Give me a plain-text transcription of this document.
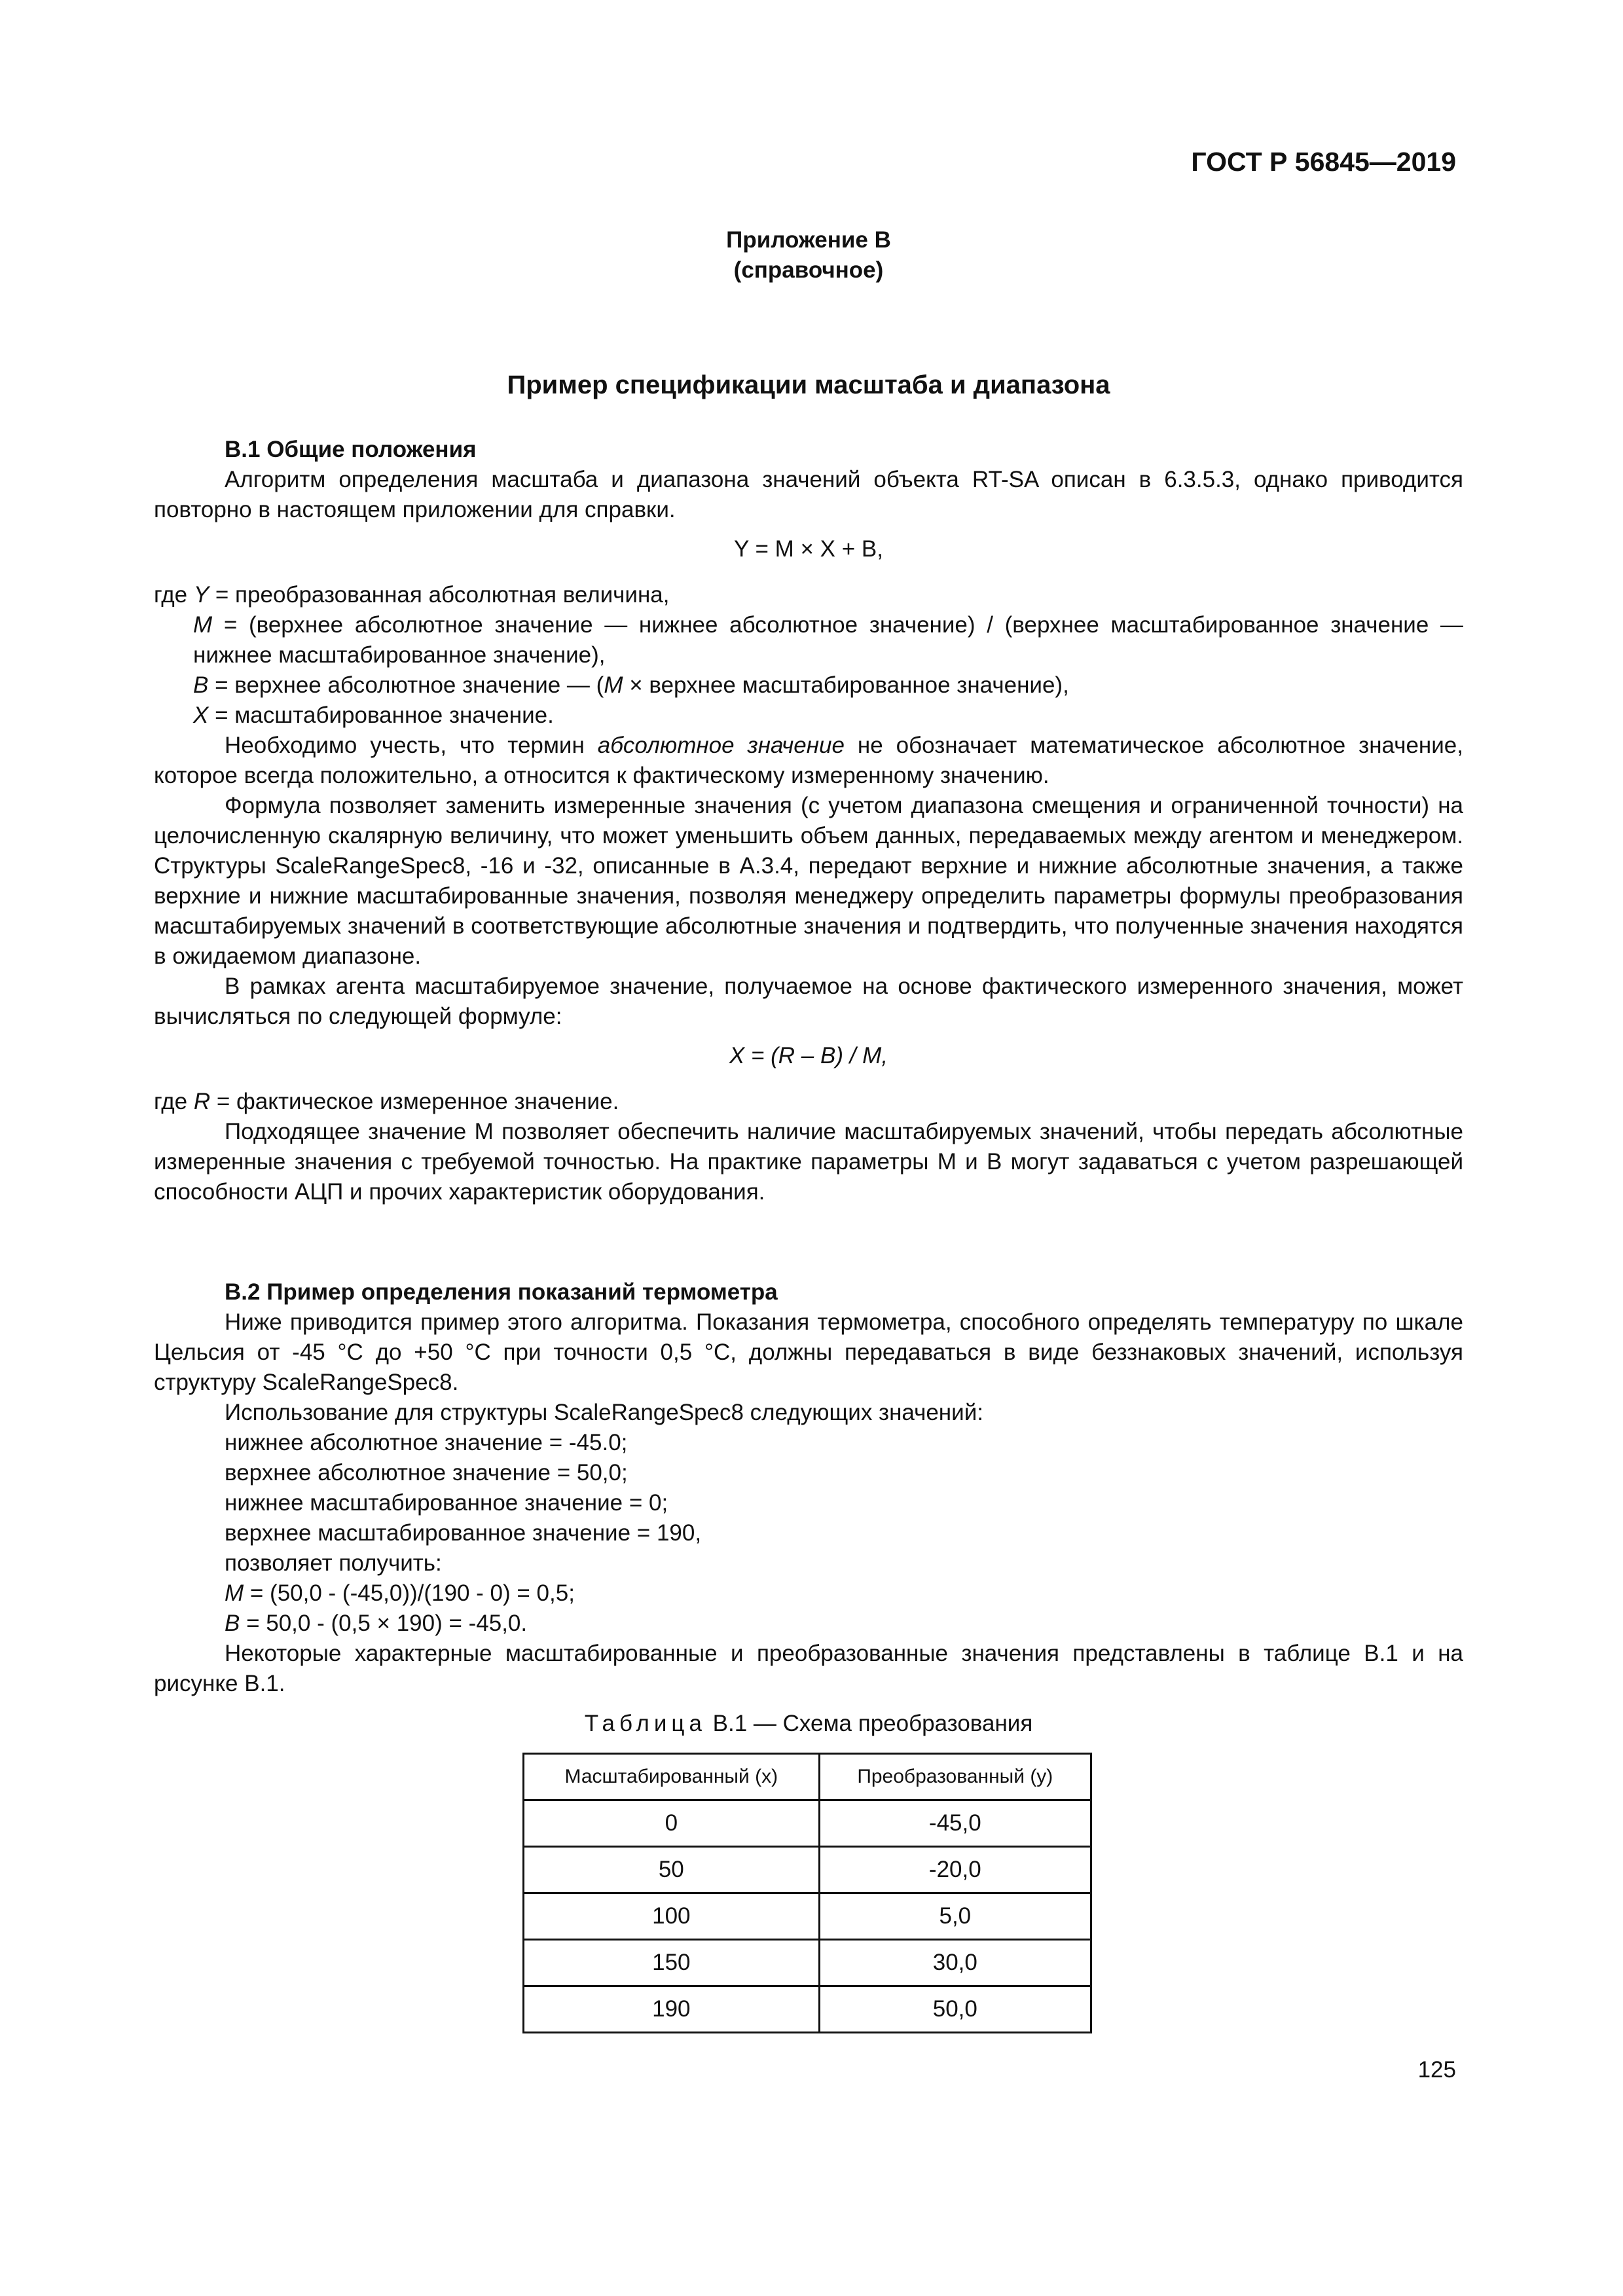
ГОСТ Р 56845—2019
Приложение В
(справочное)
Пример спецификации масштаба и диапазона

В.1 Общие положения

Алгоритм определения масштаба и диапазона значений объекта RT-SA описан в 6.3.5.3, однако приводится повторно в настоящем приложении для справки.

Y = M × X + B,

где Y = преобразованная абсолютная величина,

M = (верхнее абсолютное значение — нижнее абсолютное значение) / (верхнее масштабированное значение — нижнее масштабированное значение),

B = верхнее абсолютное значение — (M × верхнее масштабированное значение),

X = масштабированное значение.

Необходимо учесть, что термин абсолютное значение не обозначает математическое абсолютное значение, которое всегда положительно, а относится к фактическому измеренному значению.

Формула позволяет заменить измеренные значения (с учетом диапазона смещения и ограниченной точности) на целочисленную скалярную величину, что может уменьшить объем данных, передаваемых между агентом и менеджером. Структуры ScaleRangeSpec8, -16 и -32, описанные в А.3.4, передают верхние и нижние абсолютные значения, а также верхние и нижние масштабированные значения, позволяя менеджеру определить параметры формулы преобразования масштабируемых значений в соответствующие абсолютные значения и подтвердить, что полученные значения находятся в ожидаемом диапазоне.

В рамках агента масштабируемое значение, получаемое на основе фактического измеренного значения, может вычисляться по следующей формуле:

X = (R – B) / M,

где R = фактическое измеренное значение.

Подходящее значение М позволяет обеспечить наличие масштабируемых значений, чтобы передать абсолютные измеренные значения с требуемой точностью. На практике параметры М и В могут задаваться с учетом разрешающей способности АЦП и прочих характеристик оборудования.

В.2 Пример определения показаний термометра

Ниже приводится пример этого алгоритма. Показания термометра, способного определять температуру по шкале Цельсия от -45 °С до +50 °С при точности 0,5 °С, должны передаваться в виде беззнаковых значений, используя структуру ScaleRangeSpec8.

Использование для структуры ScaleRangeSpec8 следующих значений:

нижнее абсолютное значение = -45.0;

верхнее абсолютное значение = 50,0;

нижнее масштабированное значение = 0;

верхнее масштабированное значение = 190,

позволяет получить:

M = (50,0 - (-45,0))/(190 - 0) = 0,5;

B = 50,0 - (0,5 × 190) = -45,0.

Некоторые характерные масштабированные и преобразованные значения представлены в таблице В.1 и на рисунке В.1.

Таблица В.1 — Схема преобразования
Масштабированный (x)	Преобразованный (y)
0	-45,0
50	-20,0
100	5,0
150	30,0
190	50,0
125
